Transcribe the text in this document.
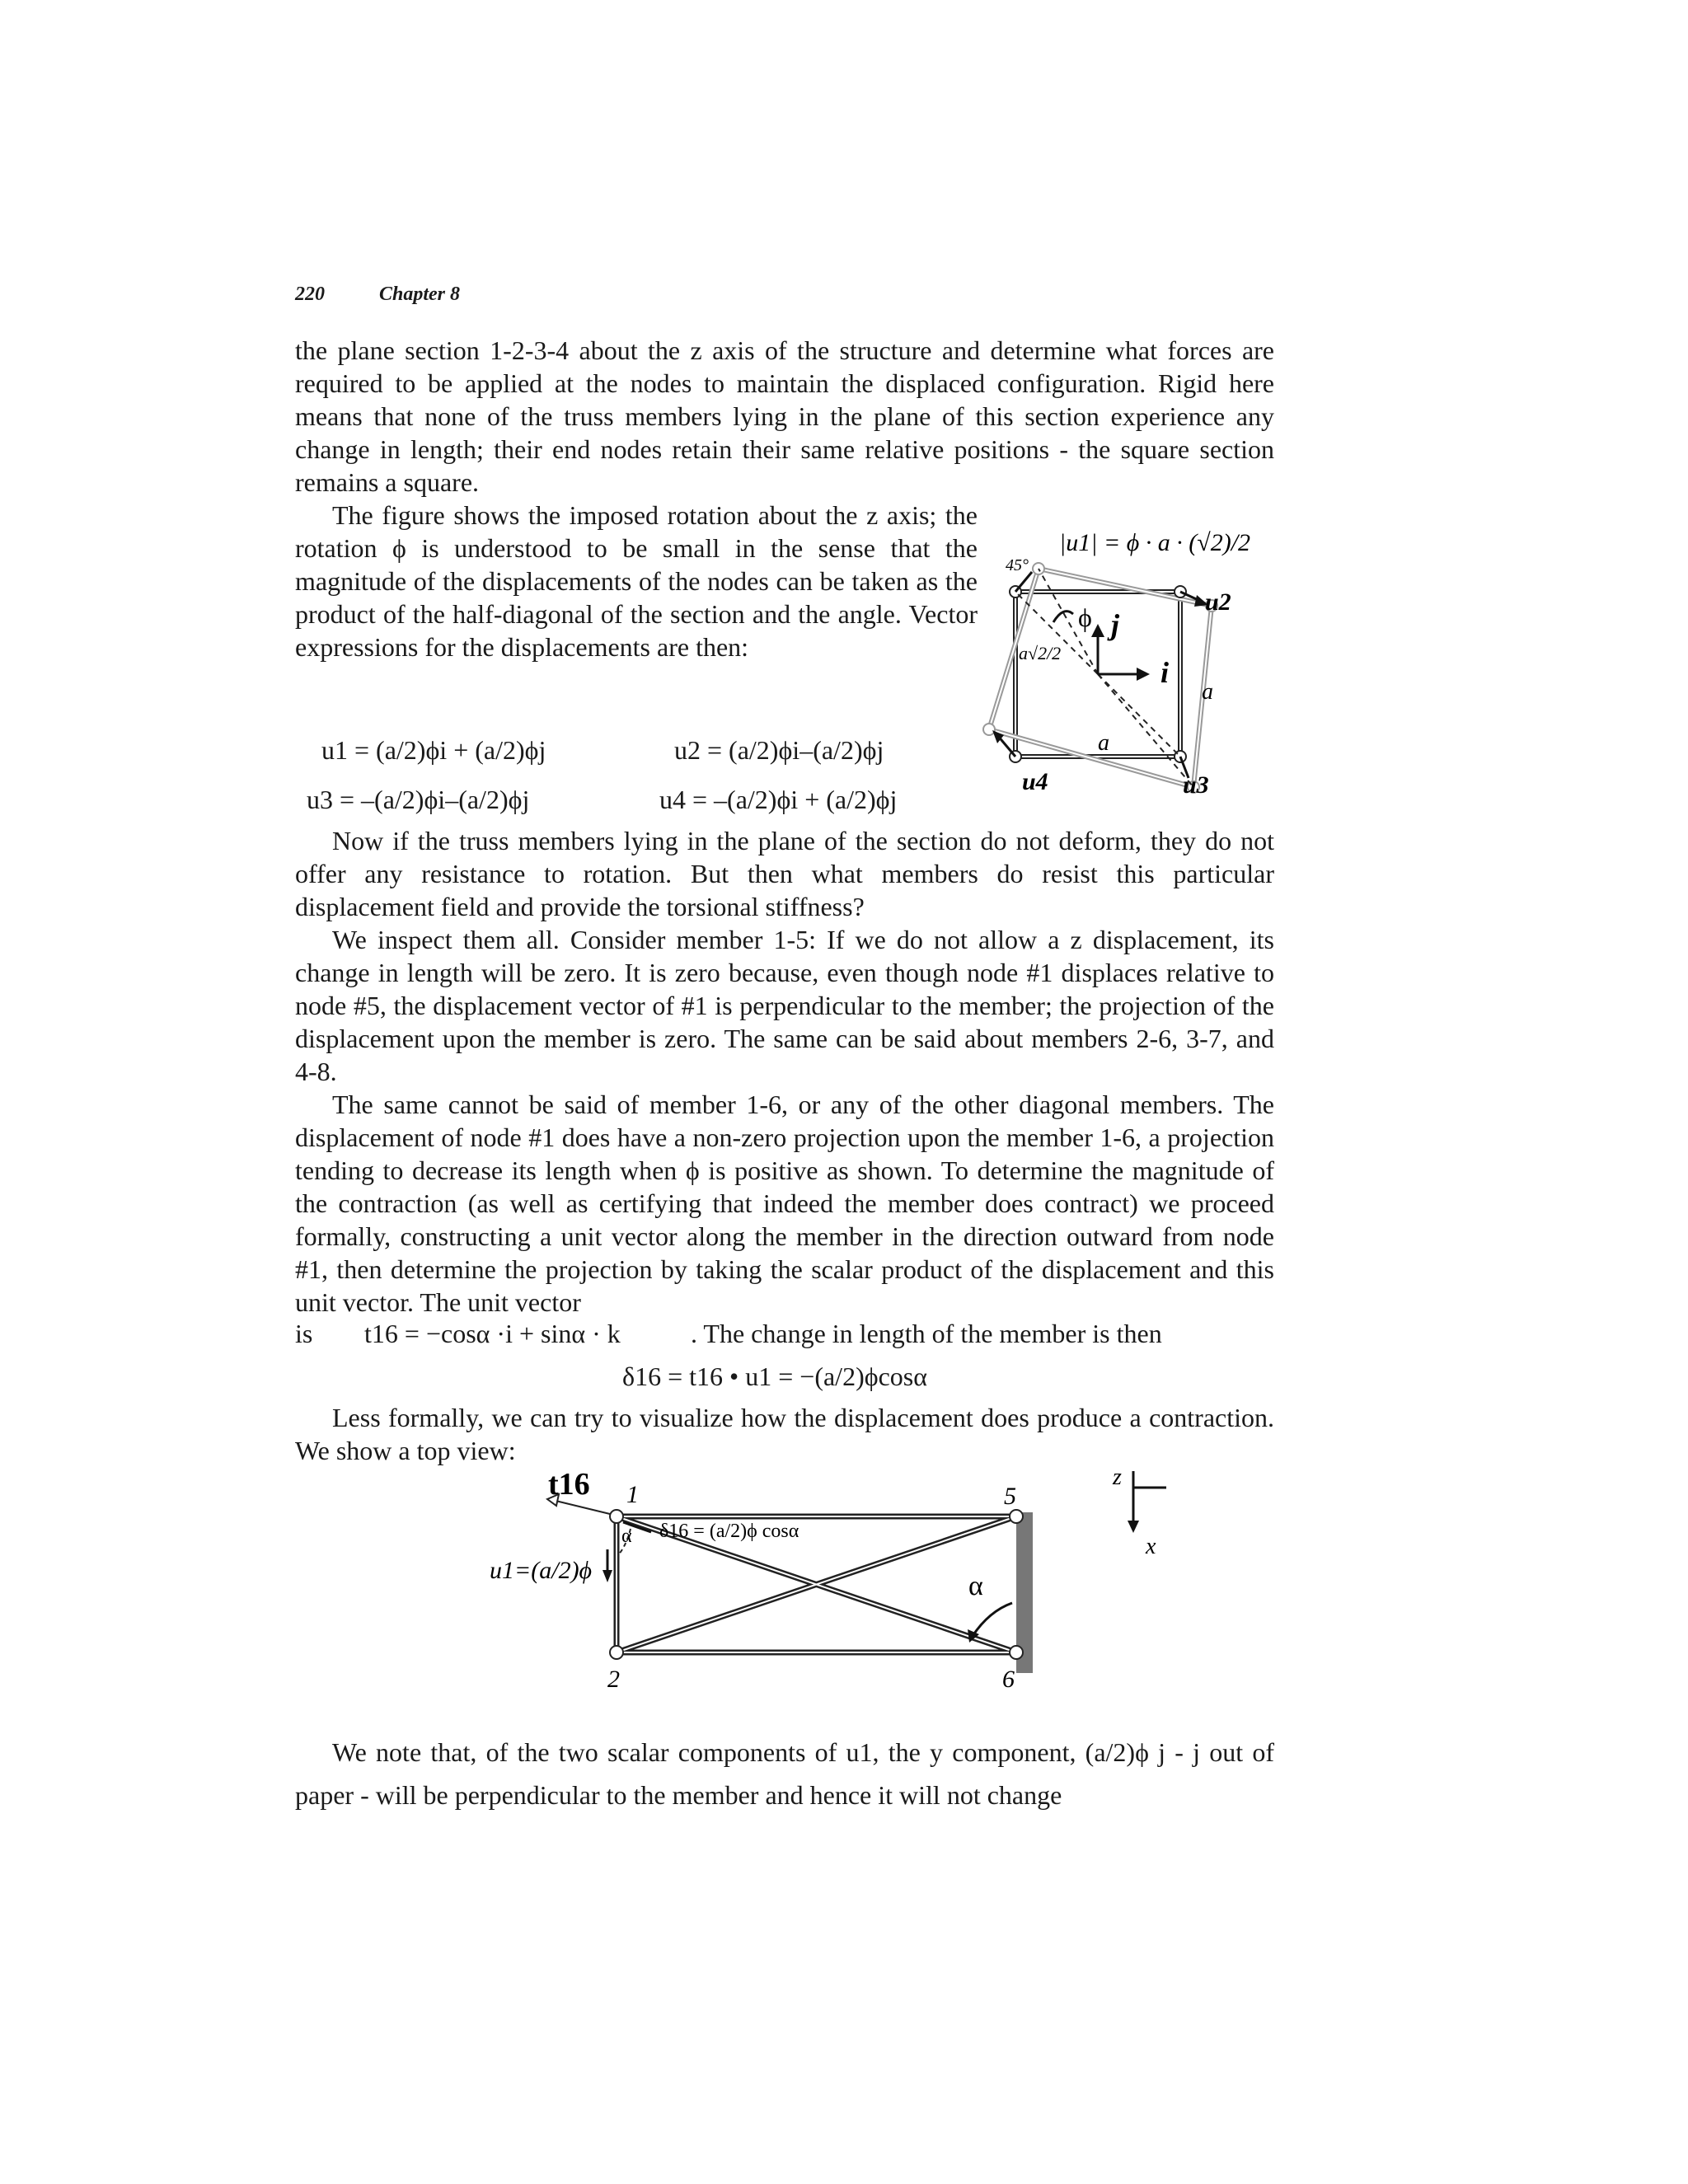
220	Chapter 8

the plane section 1-2-3-4 about the z axis of the structure and determine what forces are required to be applied at the nodes to maintain the displaced configuration. Rigid here means that none of the truss members lying in the plane of this section experience any change in length; their end nodes retain their same relative positions - the square section remains a square.

The figure shows the imposed rotation about the z axis; the rotation ϕ is understood to be small in the sense that the magnitude of the displacements of the nodes can be taken as the product of the half-diagonal of the section and the angle. Vector expressions for the displacements are then:

|u1| = ϕ · a · (√2)/2
45°
ϕ j
i
a√2/2
a
a
u2
u3
u4
u1 = (a/2)ϕi + (a/2)ϕj	u2 = (a/2)ϕi–(a/2)ϕj
u3 = –(a/2)ϕi–(a/2)ϕj	u4 = –(a/2)ϕi + (a/2)ϕj

Now if the truss members lying in the plane of the section do not deform, they do not offer any resistance to rotation. But then what members do resist this particular displacement field and provide the torsional stiffness?

We inspect them all. Consider member 1-5: If we do not allow a z displacement, its change in length will be zero. It is zero because, even though node #1 displaces relative to node #5, the displacement vector of #1 is perpendicular to the member; the projection of the displacement upon the member is zero. The same can be said about members 2-6, 3-7, and 4-8.

The same cannot be said of member 1-6, or any of the other diagonal members. The displacement of node #1 does have a non-zero projection upon the member 1-6, a projection tending to decrease its length when ϕ is positive as shown. To determine the magnitude of the contraction (as well as certifying that indeed the member does contract) we proceed formally, constructing a unit vector along the member in the direction outward from node #1, then determine the projection by taking the scalar product of the displacement and this unit vector. The unit vector

is t16 = −cosα ·i + sinα · k	. The change in length of the member is then
δ16 = t16 • u1 = −(a/2)ϕcosα

Less formally, we can try to visualize how the displacement does produce a contraction. We show a top view:

t16 1
2
5
6
α
α
δ16 = (a/2)ϕ cosα
u1=(a/2)ϕ
z
x

We note that, of the two scalar components of u1, the y component, (a/2)ϕ j - j out of paper - will be perpendicular to the member and hence it will not change
